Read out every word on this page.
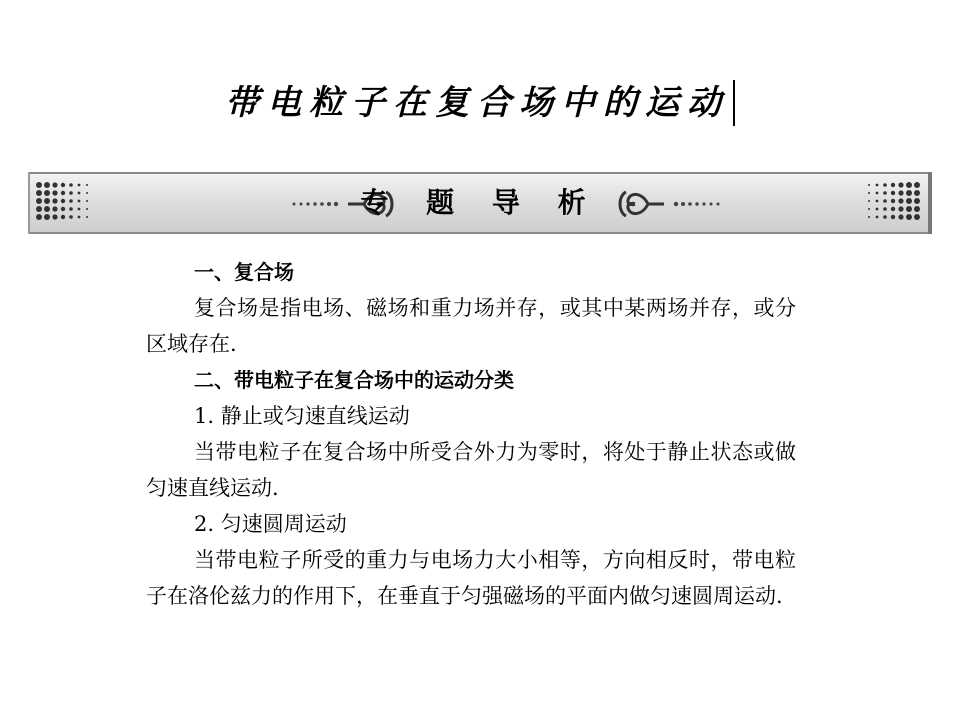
带电粒子在复合场中的运动
专 题 导 析

一、复合场

复合场是指电场、磁场和重力场并存，或其中某两场并存，或分区域存在.

二、带电粒子在复合场中的运动分类

1. 静止或匀速直线运动

当带电粒子在复合场中所受合外力为零时，将处于静止状态或做匀速直线运动.

2. 匀速圆周运动

当带电粒子所受的重力与电场力大小相等，方向相反时，带电粒子在洛伦兹力的作用下，在垂直于匀强磁场的平面内做匀速圆周运动.
